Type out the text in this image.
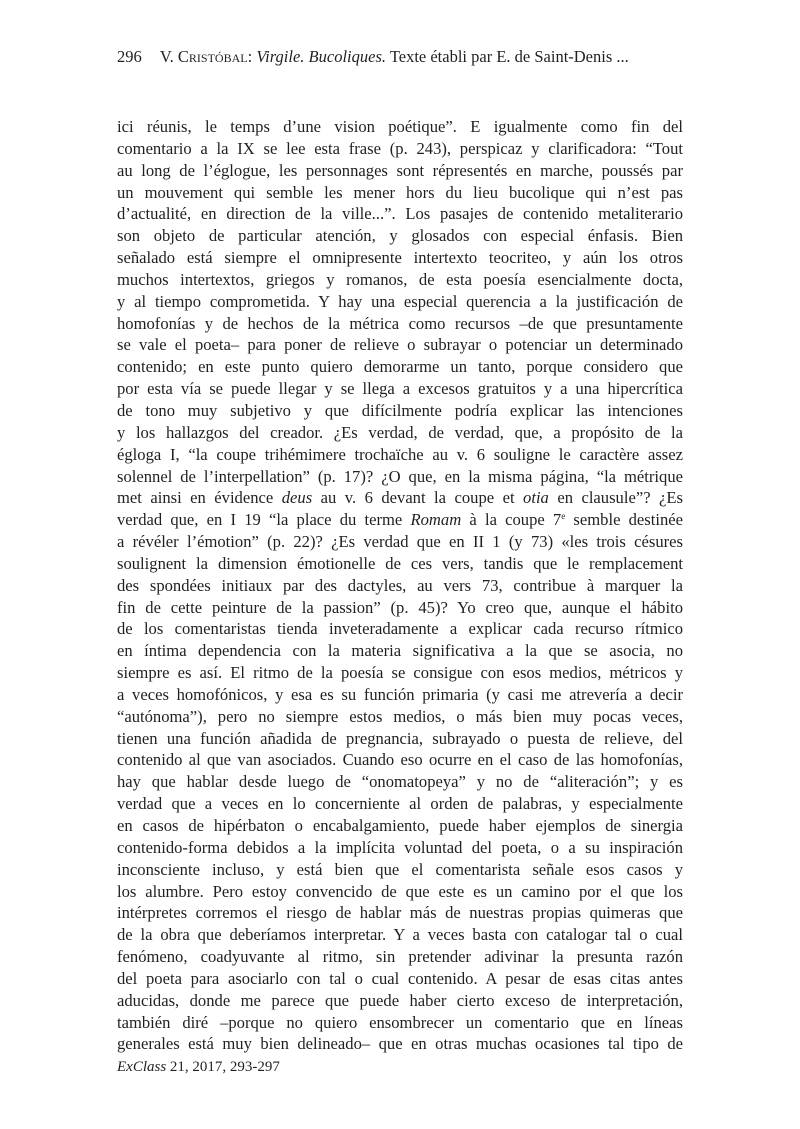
296 V. Cristóbal: Virgile. Bucoliques. Texte établi par E. de Saint-Denis ...
ici réunis, le temps d’une vision poétique”. E igualmente como fin del
comentario a la IX se lee esta frase (p. 243), perspicaz y clarificadora: “Tout
au long de l’églogue, les personnages sont répresentés en marche, poussés par
un mouvement qui semble les mener hors du lieu bucolique qui n’est pas
d’actualité, en direction de la ville...”. Los pasajes de contenido metaliterario
son objeto de particular atención, y glosados con especial énfasis. Bien
señalado está siempre el omnipresente intertexto teocriteo, y aún los otros
muchos intertextos, griegos y romanos, de esta poesía esencialmente docta,
y al tiempo comprometida. Y hay una especial querencia a la justificación de
homofonías y de hechos de la métrica como recursos –de que presuntamente
se vale el poeta– para poner de relieve o subrayar o potenciar un determinado
contenido; en este punto quiero demorarme un tanto, porque considero que
por esta vía se puede llegar y se llega a excesos gratuitos y a una hipercrítica
de tono muy subjetivo y que difícilmente podría explicar las intenciones
y los hallazgos del creador. ¿Es verdad, de verdad, que, a propósito de la
égloga I, “la coupe trihémimere trochaïche au v. 6 souligne le caractère assez
solennel de l’interpellation” (p. 17)? ¿O que, en la misma página, “la métrique
met ainsi en évidence deus au v. 6 devant la coupe et otia en clausule”? ¿Es
verdad que, en I 19 “la place du terme Romam à la coupe 7e semble destinée
a révéler l’émotion” (p. 22)? ¿Es verdad que en II 1 (y 73) «les trois césures
soulignent la dimension émotionelle de ces vers, tandis que le remplacement
des spondées initiaux par des dactyles, au vers 73, contribue à marquer la
fin de cette peinture de la passion” (p. 45)? Yo creo que, aunque el hábito
de los comentaristas tienda inveteradamente a explicar cada recurso rítmico
en íntima dependencia con la materia significativa a la que se asocia, no
siempre es así. El ritmo de la poesía se consigue con esos medios, métricos y
a veces homofónicos, y esa es su función primaria (y casi me atrevería a decir
“autónoma”), pero no siempre estos medios, o más bien muy pocas veces,
tienen una función añadida de pregnancia, subrayado o puesta de relieve, del
contenido al que van asociados. Cuando eso ocurre en el caso de las homofonías,
hay que hablar desde luego de “onomatopeya” y no de “aliteración”; y es
verdad que a veces en lo concerniente al orden de palabras, y especialmente
en casos de hipérbaton o encabalgamiento, puede haber ejemplos de sinergia
contenido-forma debidos a la implícita voluntad del poeta, o a su inspiración
inconsciente incluso, y está bien que el comentarista señale esos casos y
los alumbre. Pero estoy convencido de que este es un camino por el que los
intérpretes corremos el riesgo de hablar más de nuestras propias quimeras que
de la obra que deberíamos interpretar. Y a veces basta con catalogar tal o cual
fenómeno, coadyuvante al ritmo, sin pretender adivinar la presunta razón
del poeta para asociarlo con tal o cual contenido. A pesar de esas citas antes
aducidas, donde me parece que puede haber cierto exceso de interpretación,
también diré –porque no quiero ensombrecer un comentario que en líneas
generales está muy bien delineado– que en otras muchas ocasiones tal tipo de
ExClass 21, 2017, 293-297
